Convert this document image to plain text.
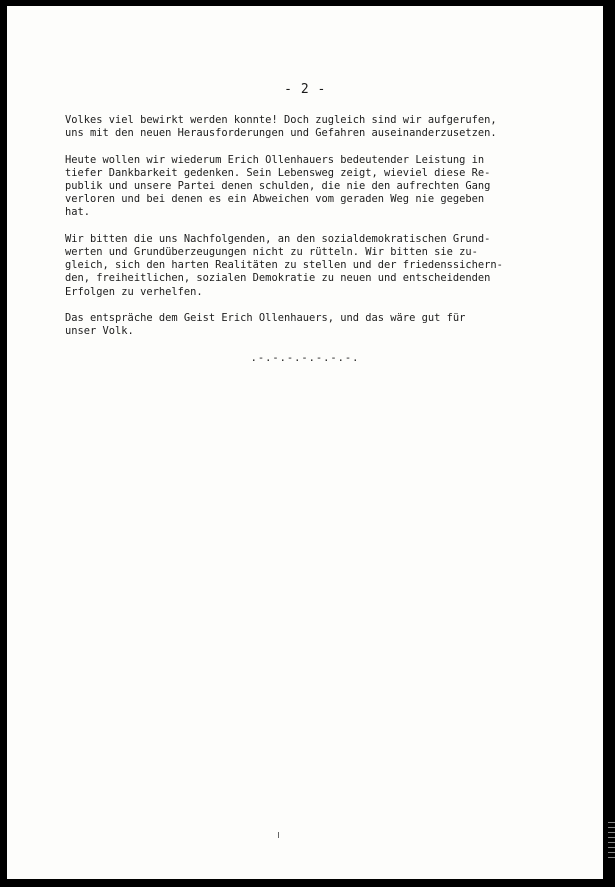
- 2 -

Volkes viel bewirkt werden konnte! Doch zugleich sind wir aufgerufen,
uns mit den neuen Herausforderungen und Gefahren auseinanderzusetzen.

Heute wollen wir wiederum Erich Ollenhauers bedeutender Leistung in
tiefer Dankbarkeit gedenken. Sein Lebensweg zeigt, wieviel diese Re-
publik und unsere Partei denen schulden, die nie den aufrechten Gang
verloren und bei denen es ein Abweichen vom geraden Weg nie gegeben
hat.

Wir bitten die uns Nachfolgenden, an den sozialdemokratischen Grund-
werten und Grundüberzeugungen nicht zu rütteln. Wir bitten sie zu-
gleich, sich den harten Realitäten zu stellen und der friedenssichern-
den, freiheitlichen, sozialen Demokratie zu neuen und entscheidenden
Erfolgen zu verhelfen.

Das entspräche dem Geist Erich Ollenhauers, und das wäre gut für
unser Volk.

.-.-.-.-.-.-.-.
